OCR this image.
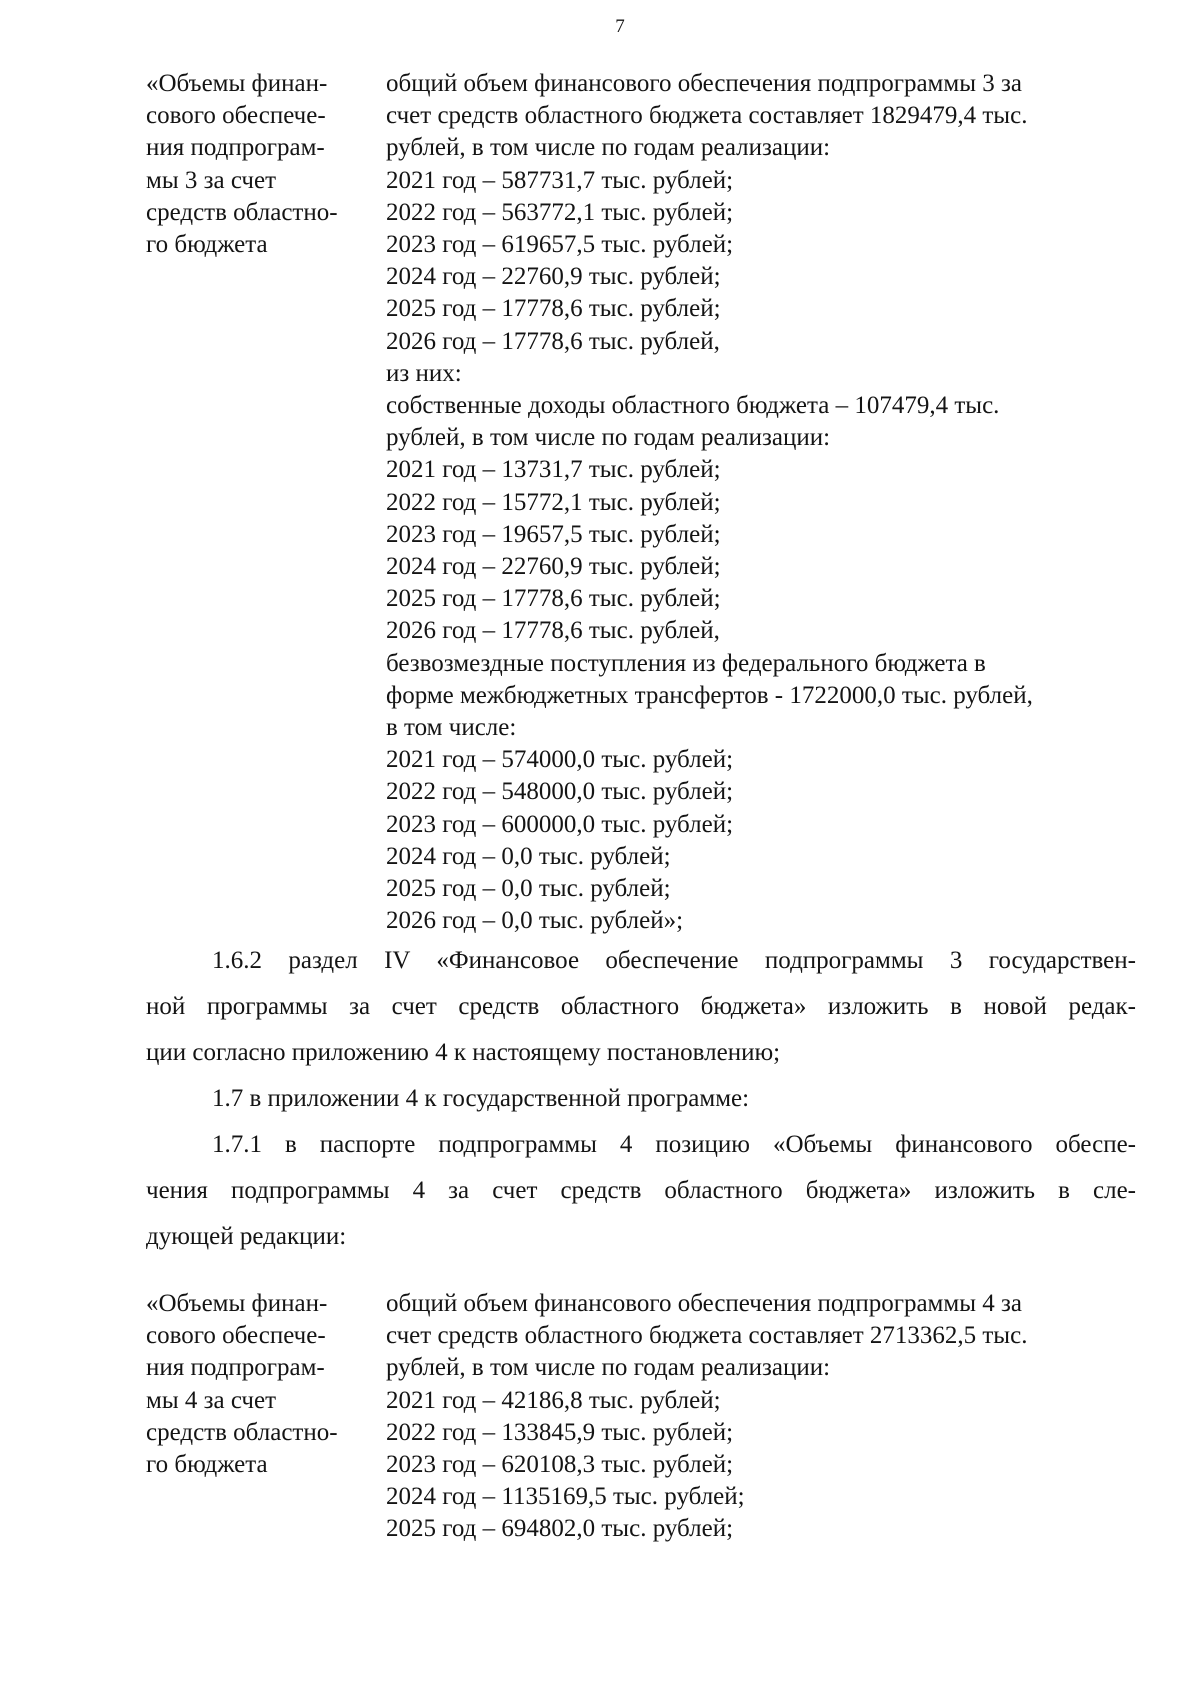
7
«Объемы финан-
сового обеспече-
ния подпрограм-
мы 3 за счет
средств областно-
го бюджета
общий объем финансового обеспечения подпрограммы 3 за
счет средств областного бюджета составляет 1829479,4 тыс.
рублей, в том числе по годам реализации:
2021 год – 587731,7 тыс. рублей;
2022 год – 563772,1 тыс. рублей;
2023 год – 619657,5 тыс. рублей;
2024 год – 22760,9 тыс. рублей;
2025 год – 17778,6 тыс. рублей;
2026 год – 17778,6 тыс. рублей,
из них:
собственные доходы областного бюджета – 107479,4 тыс.
рублей, в том числе по годам реализации:
2021 год – 13731,7 тыс. рублей;
2022 год – 15772,1 тыс. рублей;
2023 год – 19657,5 тыс. рублей;
2024 год – 22760,9 тыс. рублей;
2025 год – 17778,6 тыс. рублей;
2026 год – 17778,6 тыс. рублей,
безвозмездные поступления из федерального бюджета в
форме межбюджетных трансфертов - 1722000,0 тыс. рублей,
в том числе:
2021 год – 574000,0 тыс. рублей;
2022 год – 548000,0 тыс. рублей;
2023 год – 600000,0 тыс. рублей;
2024 год – 0,0 тыс. рублей;
2025 год – 0,0 тыс. рублей;
2026 год – 0,0 тыс. рублей»;

1.6.2 раздел IV «Финансовое обеспечение подпрограммы 3 государствен-
ной программы за счет средств областного бюджета» изложить в новой редак-
ции согласно приложению 4 к настоящему постановлению;

1.7 в приложении 4 к государственной программе:

1.7.1 в паспорте подпрограммы 4 позицию «Объемы финансового обеспе-
чения подпрограммы 4 за счет средств областного бюджета» изложить в сле-
дующей редакции:

«Объемы финан-
сового обеспече-
ния подпрограм-
мы 4 за счет
средств областно-
го бюджета
общий объем финансового обеспечения подпрограммы 4 за
счет средств областного бюджета составляет 2713362,5 тыс.
рублей, в том числе по годам реализации:
2021 год – 42186,8 тыс. рублей;
2022 год – 133845,9 тыс. рублей;
2023 год – 620108,3 тыс. рублей;
2024 год – 1135169,5 тыс. рублей;
2025 год – 694802,0 тыс. рублей;
